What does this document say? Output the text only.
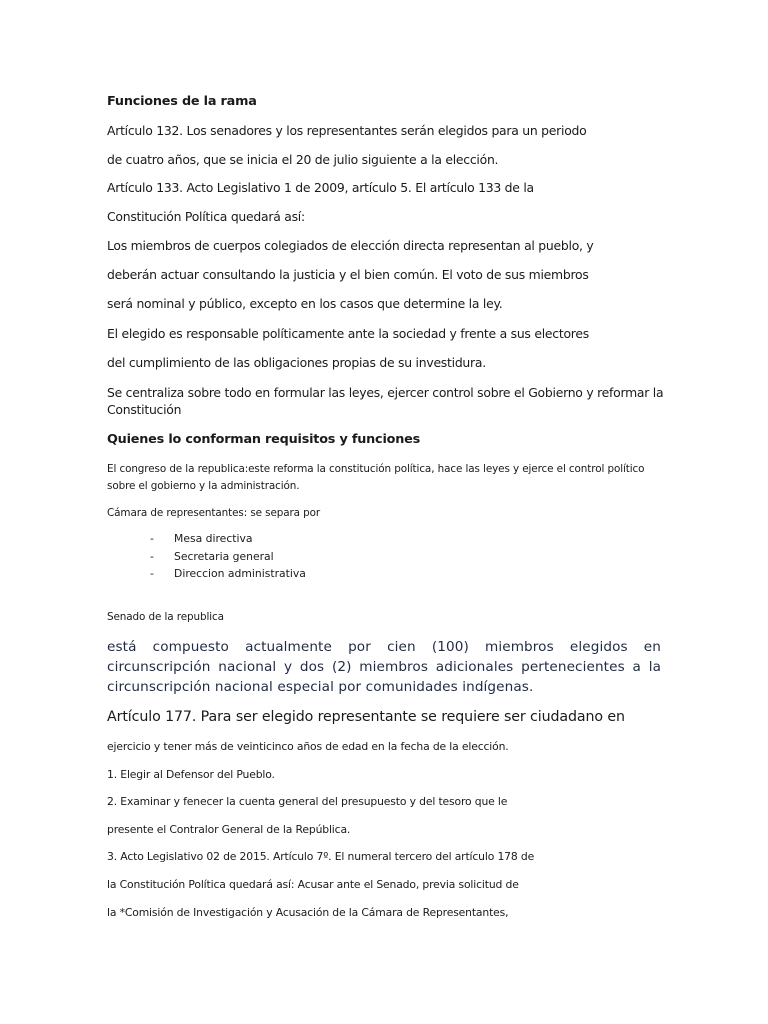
Funciones de la rama

Artículo 132. Los senadores y los representantes serán elegidos para un periodo

de cuatro años, que se inicia el 20 de julio siguiente a la elección.

Artículo 133. Acto Legislativo 1 de 2009, artículo 5. El artículo 133 de la

Constitución Política quedará así:

Los miembros de cuerpos colegiados de elección directa representan al pueblo, y

deberán actuar consultando la justicia y el bien común. El voto de sus miembros

será nominal y público, excepto en los casos que determine la ley.

El elegido es responsable políticamente ante la sociedad y frente a sus electores

del cumplimiento de las obligaciones propias de su investidura.

Se centraliza sobre todo en formular las leyes, ejercer control sobre el Gobierno y reformar la Constitución

Quienes lo conforman requisitos y funciones

El congreso de la republica:este reforma la constitución política, hace las leyes y ejerce el control político sobre el gobierno y la administración.

Cámara de representantes: se separa por

- Mesa directiva
- Secretaria general
- Direccion administrativa

Senado de la republica

está compuesto actualmente por cien (100) miembros elegidos en circunscripción nacional y dos (2) miembros adicionales pertenecientes a la circunscripción nacional especial por comunidades indígenas.

Artículo 177. Para ser elegido representante se requiere ser ciudadano en

ejercicio y tener más de veinticinco años de edad en la fecha de la elección.

1. Elegir al Defensor del Pueblo.

2. Examinar y fenecer la cuenta general del presupuesto y del tesoro que le

presente el Contralor General de la República.

3. Acto Legislativo 02 de 2015. Artículo 7º. El numeral tercero del artículo 178 de

la Constitución Política quedará así: Acusar ante el Senado, previa solicitud de

la *Comisión de Investigación y Acusación de la Cámara de Representantes,
